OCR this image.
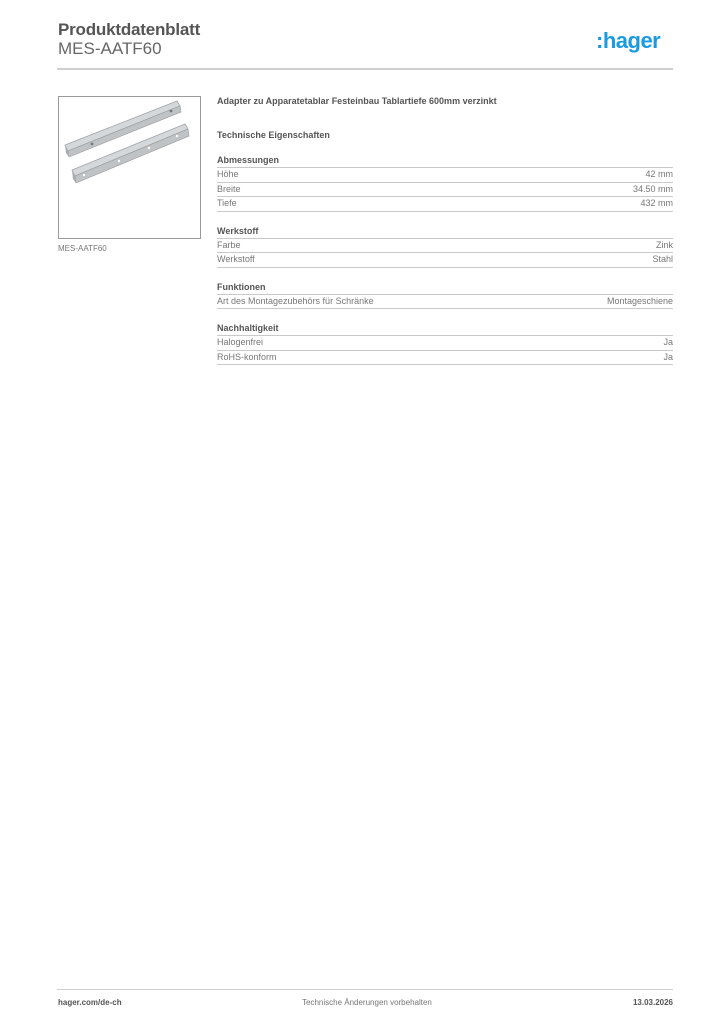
Produktdatenblatt
MES-AATF60	:hager
MES-AATF60
Adapter zu Apparatetablar Festeinbau Tablartiefe 600mm verzinkt
Technische Eigenschaften
Abmessungen
Höhe	42 mm
Breite	34.50 mm
Tiefe	432 mm
Werkstoff
Farbe	Zink
Werkstoff	Stahl
Funktionen
Art des Montagezubehörs für Schränke	Montageschiene
Nachhaltigkeit
Halogenfrei	Ja
RoHS-konform	Ja
hager.com/de-ch	Technische Änderungen vorbehalten	13.03.2026
